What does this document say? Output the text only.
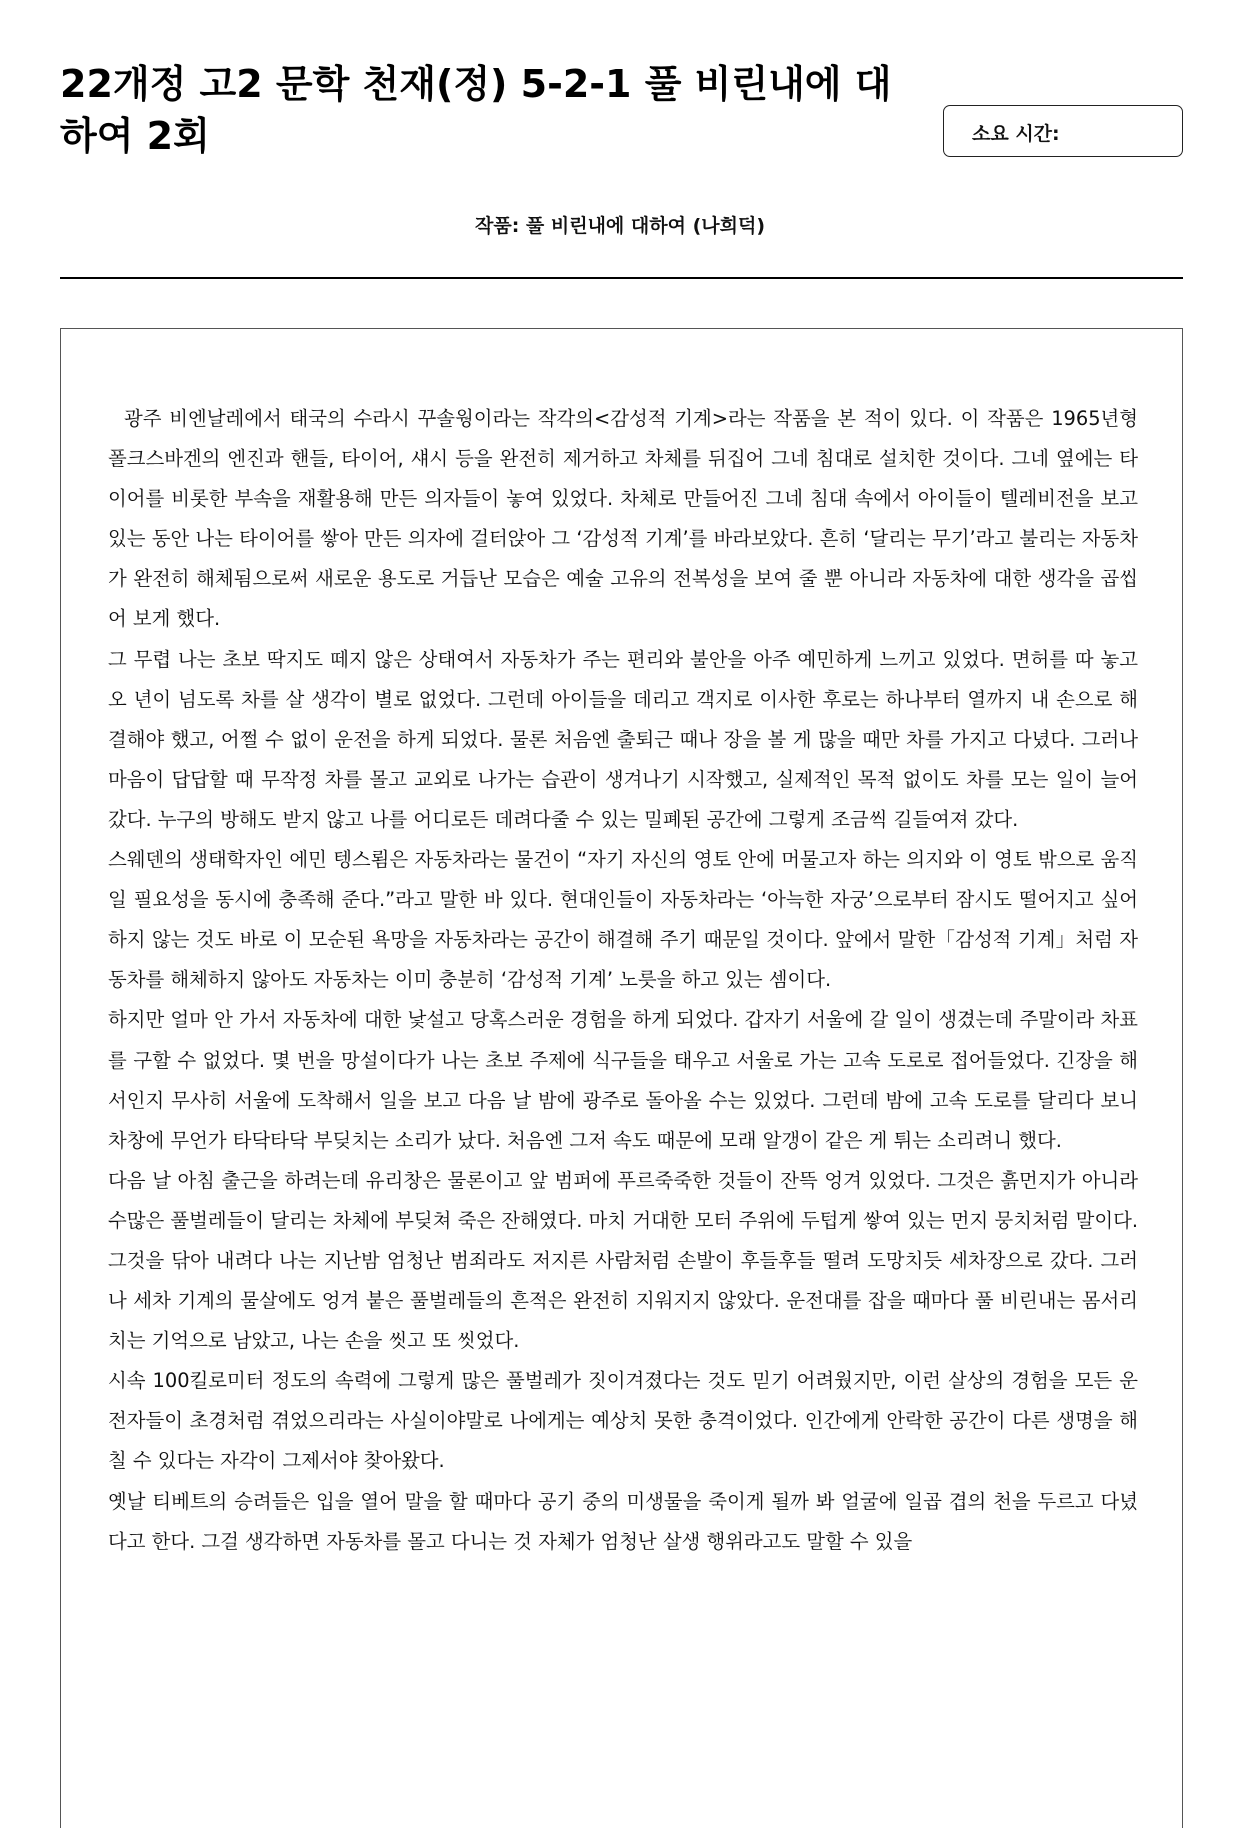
22개정 고2 문학 천재(정) 5-2-1 풀 비린내에 대하여 2회	소요 시간:
작품: 풀 비린내에 대하여 (나희덕)

광주 비엔날레에서 태국의 수라시 꾸솔웡이라는 작각의<감성적 기계>라는 작품을 본 적이 있다. 이 작품은 1965년형 폴크스바겐의 엔진과 핸들, 타이어, 섀시 등을 완전히 제거하고 차체를 뒤집어 그네 침대로 설치한 것이다. 그네 옆에는 타이어를 비롯한 부속을 재활용해 만든 의자들이 놓여 있었다. 차체로 만들어진 그네 침대 속에서 아이들이 텔레비전을 보고 있는 동안 나는 타이어를 쌓아 만든 의자에 걸터앉아 그 ‘감성적 기계’를 바라보았다. 흔히 ‘달리는 무기’라고 불리는 자동차가 완전히 해체됨으로써 새로운 용도로 거듭난 모습은 예술 고유의 전복성을 보여 줄 뿐 아니라 자동차에 대한 생각을 곱씹어 보게 했다.

그 무렵 나는 초보 딱지도 떼지 않은 상태여서 자동차가 주는 편리와 불안을 아주 예민하게 느끼고 있었다. 면허를 따 놓고 오 년이 넘도록 차를 살 생각이 별로 없었다. 그런데 아이들을 데리고 객지로 이사한 후로는 하나부터 열까지 내 손으로 해결해야 했고, 어쩔 수 없이 운전을 하게 되었다. 물론 처음엔 출퇴근 때나 장을 볼 게 많을 때만 차를 가지고 다녔다. 그러나 마음이 답답할 때 무작정 차를 몰고 교외로 나가는 습관이 생겨나기 시작했고, 실제적인 목적 없이도 차를 모는 일이 늘어 갔다. 누구의 방해도 받지 않고 나를 어디로든 데려다줄 수 있는 밀폐된 공간에 그렇게 조금씩 길들여져 갔다.

스웨덴의 생태학자인 에민 텡스룀은 자동차라는 물건이 “자기 자신의 영토 안에 머물고자 하는 의지와 이 영토 밖으로 움직일 필요성을 동시에 충족해 준다.”라고 말한 바 있다. 현대인들이 자동차라는 ‘아늑한 자궁’으로부터 잠시도 떨어지고 싶어 하지 않는 것도 바로 이 모순된 욕망을 자동차라는 공간이 해결해 주기 때문일 것이다. 앞에서 말한「감성적 기계」처럼 자동차를 해체하지 않아도 자동차는 이미 충분히 ‘감성적 기계’ 노릇을 하고 있는 셈이다.

하지만 얼마 안 가서 자동차에 대한 낯설고 당혹스러운 경험을 하게 되었다. 갑자기 서울에 갈 일이 생겼는데 주말이라 차표를 구할 수 없었다. 몇 번을 망설이다가 나는 초보 주제에 식구들을 태우고 서울로 가는 고속 도로로 접어들었다. 긴장을 해서인지 무사히 서울에 도착해서 일을 보고 다음 날 밤에 광주로 돌아올 수는 있었다. 그런데 밤에 고속 도로를 달리다 보니 차창에 무언가 타닥타닥 부딪치는 소리가 났다. 처음엔 그저 속도 때문에 모래 알갱이 같은 게 튀는 소리려니 했다.

다음 날 아침 출근을 하려는데 유리창은 물론이고 앞 범퍼에 푸르죽죽한 것들이 잔뜩 엉겨 있었다. 그것은 흙먼지가 아니라 수많은 풀벌레들이 달리는 차체에 부딪쳐 죽은 잔해였다. 마치 거대한 모터 주위에 두텁게 쌓여 있는 먼지 뭉치처럼 말이다. 그것을 닦아 내려다 나는 지난밤 엄청난 범죄라도 저지른 사람처럼 손발이 후들후들 떨려 도망치듯 세차장으로 갔다. 그러나 세차 기계의 물살에도 엉겨 붙은 풀벌레들의 흔적은 완전히 지워지지 않았다. 운전대를 잡을 때마다 풀 비린내는 몸서리치는 기억으로 남았고, 나는 손을 씻고 또 씻었다.

시속 100킬로미터 정도의 속력에 그렇게 많은 풀벌레가 짓이겨졌다는 것도 믿기 어려웠지만, 이런 살상의 경험을 모든 운전자들이 초경처럼 겪었으리라는 사실이야말로 나에게는 예상치 못한 충격이었다. 인간에게 안락한 공간이 다른 생명을 해칠 수 있다는 자각이 그제서야 찾아왔다.

옛날 티베트의 승려들은 입을 열어 말을 할 때마다 공기 중의 미생물을 죽이게 될까 봐 얼굴에 일곱 겹의 천을 두르고 다녔다고 한다. 그걸 생각하면 자동차를 몰고 다니는 것 자체가 엄청난 살생 행위라고도 말할 수 있을
